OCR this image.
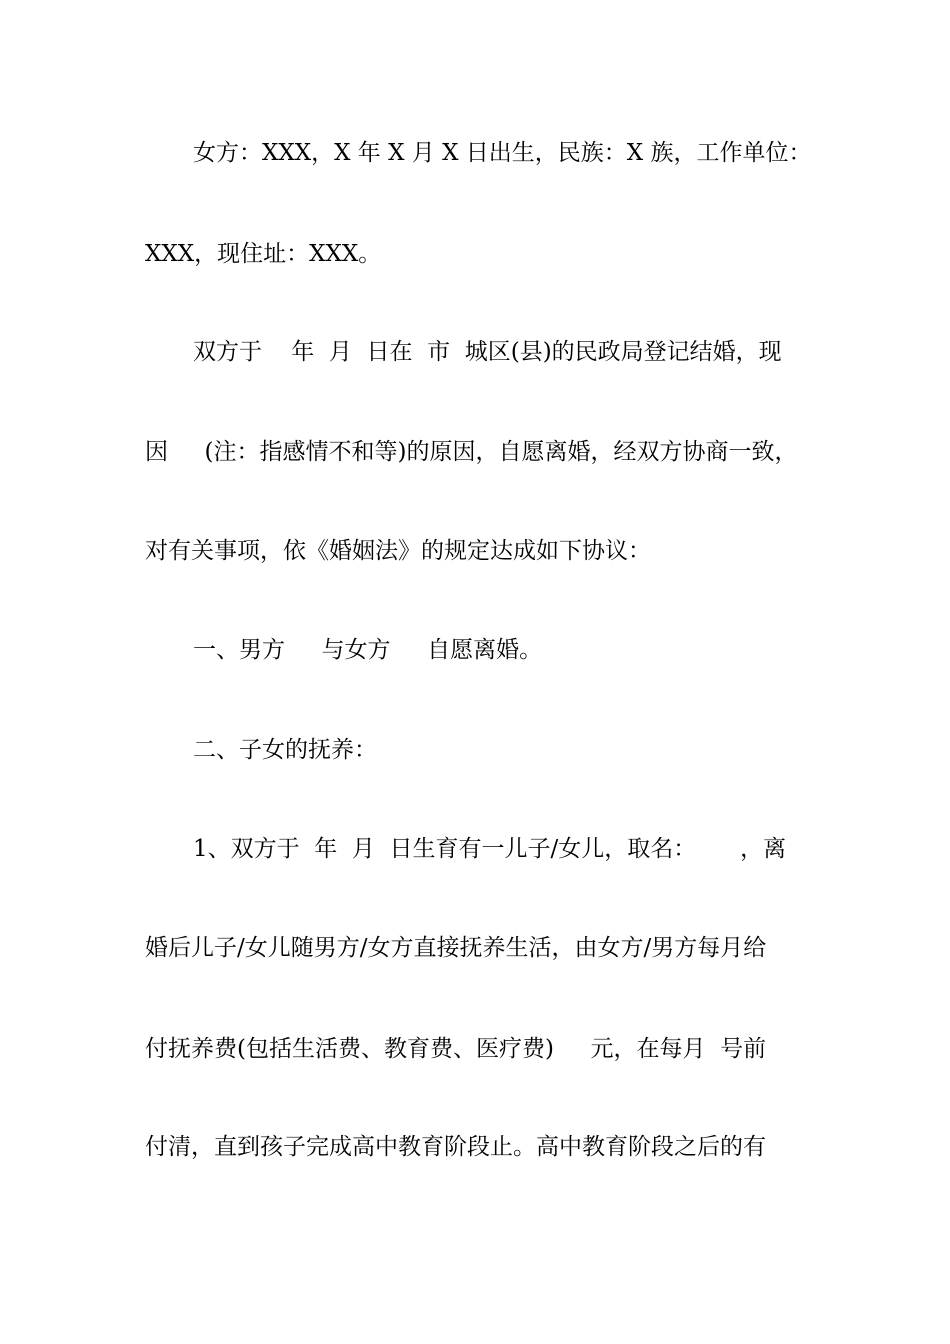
女方：XXX，X 年 X 月 X 日出生，民族：X 族，工作单位：
XXX，现住址：XXX。
双方于    年  月  日在  市  城区(县)的民政局登记结婚，现
因     (注：指感情不和等)的原因，自愿离婚，经双方协商一致，
对有关事项，依《婚姻法》的规定达成如下协议：
一、男方     与女方     自愿离婚。
二、子女的抚养：
1、双方于  年  月  日生育有一儿子/女儿，取名：      ，离
婚后儿子/女儿随男方/女方直接抚养生活，由女方/男方每月给
付抚养费(包括生活费、教育费、医疗费)     元，在每月  号前
付清，直到孩子完成高中教育阶段止。高中教育阶段之后的有
